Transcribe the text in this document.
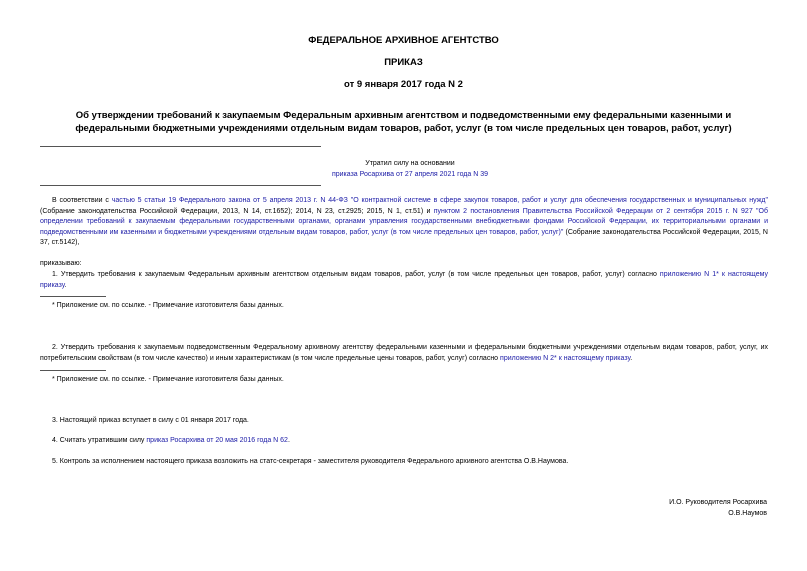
ФЕДЕРАЛЬНОЕ АРХИВНОЕ АГЕНТСТВО
ПРИКАЗ
от 9 января 2017 года N 2
Об утверждении требований к закупаемым Федеральным архивным агентством и подведомственными ему федеральными казенными и федеральными бюджетными учреждениями отдельным видам товаров, работ, услуг (в том числе предельных цен товаров, работ, услуг)
Утратил силу на основании
приказа Росархива от 27 апреля 2021 года N 39
В соответствии с частью 5 статьи 19 Федерального закона от 5 апреля 2013 г. N 44-ФЗ "О контрактной системе в сфере закупок товаров, работ и услуг для обеспечения государственных и муниципальных нужд" (Собрание законодательства Российской Федерации, 2013, N 14, ст.1652); 2014, N 23, ст.2925; 2015, N 1, ст.51) и пунктом 2 постановления Правительства Российской Федерации от 2 сентября 2015 г. N 927 "Об определении требований к закупаемым федеральными государственными органами, органами управления государственными внебюджетными фондами Российской Федерации, их территориальными органами и подведомственными им казенными и бюджетными учреждениями отдельным видам товаров, работ, услуг (в том числе предельных цен товаров, работ, услуг)" (Собрание законодательства Российской Федерации, 2015, N 37, ст.5142),
приказываю:
1. Утвердить требования к закупаемым Федеральным архивным агентством отдельным видам товаров, работ, услуг (в том числе предельных цен товаров, работ, услуг) согласно приложению N 1* к настоящему приказу.
* Приложение см. по ссылке. - Примечание изготовителя базы данных.
2. Утвердить требования к закупаемым подведомственным Федеральному архивному агентству федеральными казенными и федеральными бюджетными учреждениями отдельным видам товаров, работ, услуг, их потребительским свойствам (в том числе качество) и иным характеристикам (в том числе предельные цены товаров, работ, услуг) согласно приложению N 2* к настоящему приказу.
* Приложение см. по ссылке. - Примечание изготовителя базы данных.
3. Настоящий приказ вступает в силу с 01 января 2017 года.
4. Считать утратившим силу приказ Росархива от 20 мая 2016 года N 62.
5. Контроль за исполнением настоящего приказа возложить на статс-секретаря - заместителя руководителя Федерального архивного агентства О.В.Наумова.
И.О. Руководителя Росархива
О.В.Наумов
